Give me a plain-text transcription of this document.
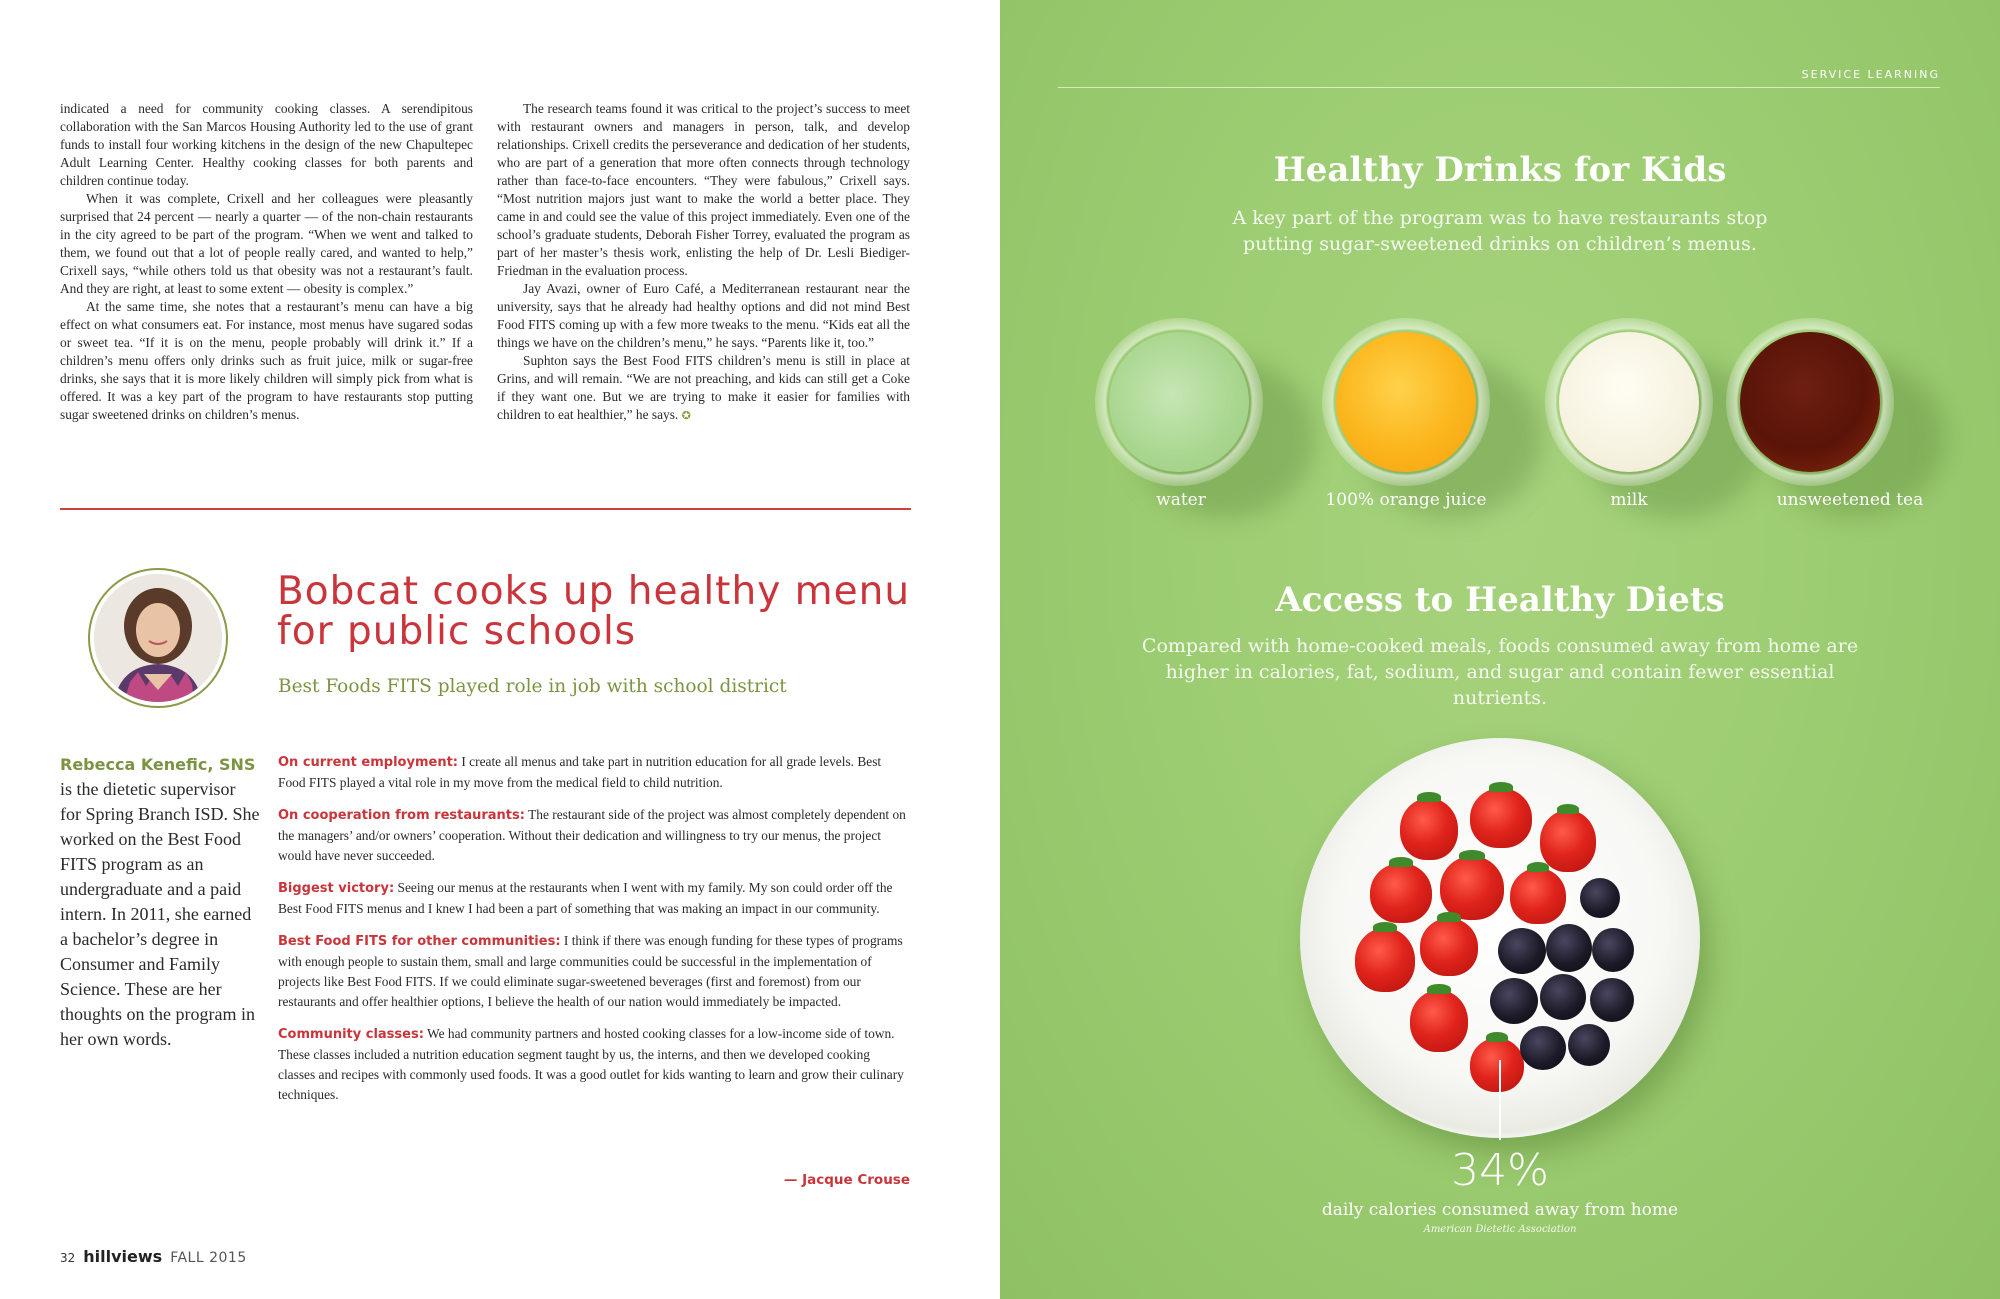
indicated a need for community cooking classes. A serendipitous collaboration with the San Marcos Housing Authority led to the use of grant funds to install four working kitchens in the design of the new Chapultepec Adult Learning Center. Healthy cooking classes for both parents and children continue today.

When it was complete, Crixell and her colleagues were pleasantly surprised that 24 percent — nearly a quarter — of the non-chain restaurants in the city agreed to be part of the program. “When we went and talked to them, we found out that a lot of people really cared, and wanted to help,” Crixell says, “while others told us that obesity was not a restaurant’s fault. And they are right, at least to some extent — obesity is complex.”

At the same time, she notes that a restaurant’s menu can have a big effect on what consumers eat. For instance, most menus have sugared sodas or sweet tea. “If it is on the menu, people probably will drink it.” If a children’s menu offers only drinks such as fruit juice, milk or sugar-free drinks, she says that it is more likely children will simply pick from what is offered. It was a key part of the program to have restaurants stop putting sugar sweetened drinks on children’s menus.

The research teams found it was critical to the project’s success to meet with restaurant owners and managers in person, talk, and develop relationships. Crixell credits the perseverance and dedication of her students, who are part of a generation that more often connects through technology rather than face-to-face encounters. “They were fabulous,” Crixell says. “Most nutrition majors just want to make the world a better place. They came in and could see the value of this project immediately. Even one of the school’s graduate students, Deborah Fisher Torrey, evaluated the program as part of her master’s thesis work, enlisting the help of Dr. Lesli Biediger-Friedman in the evaluation process.

Jay Avazi, owner of Euro Café, a Mediterranean restaurant near the university, says that he already had healthy options and did not mind Best Food FITS coming up with a few more tweaks to the menu. “Kids eat all the things we have on the children’s menu,” he says. “Parents like it, too.”

Suphton says the Best Food FITS children’s menu is still in place at Grins, and will remain. “We are not preaching, and kids can still get a Coke if they want one. But we are trying to make it easier for families with children to eat healthier,” he says. ✪

Bobcat cooks up healthy menu for public schools
Best Foods FITS played role in job with school district
Rebecca Kenefic, SNS
is the dietetic supervisor for Spring Branch ISD. She worked on the Best Food FITS program as an undergraduate and a paid intern. In 2011, she earned a bachelor’s degree in Consumer and Family Science. These are her thoughts on the program in her own words.

On current employment: I create all menus and take part in nutrition education for all grade levels. Best Food FITS played a vital role in my move from the medical field to child nutrition.

On cooperation from restaurants: The restaurant side of the project was almost completely dependent on the managers’ and/or owners’ cooperation. Without their dedication and willingness to try our menus, the project would have never succeeded.

Biggest victory: Seeing our menus at the restaurants when I went with my family. My son could order off the Best Food FITS menus and I knew I had been a part of something that was making an impact in our community.

Best Food FITS for other communities: I think if there was enough funding for these types of programs with enough people to sustain them, small and large communities could be successful in the implementation of projects like Best Food FITS. If we could eliminate sugar-sweetened beverages (first and foremost) from our restaurants and offer healthier options, I believe the health of our nation would immediately be impacted.

Community classes: We had community partners and hosted cooking classes for a low-income side of town. These classes included a nutrition education segment taught by us, the interns, and then we developed cooking classes and recipes with commonly used foods. It was a good outlet for kids wanting to learn and grow their culinary techniques.

— Jacque Crouse
32 hillviews FALL 2015
SERVICE LEARNING
Healthy Drinks for Kids
A key part of the program was to have restaurants stop putting sugar-sweetened drinks on children’s menus.
water	100% orange juice	milk	unsweetened tea
Access to Healthy Diets
Compared with home-cooked meals, foods consumed away from home are higher in calories, fat, sodium, and sugar and contain fewer essential nutrients.
34%
daily calories consumed away from home
American Dietetic Association
